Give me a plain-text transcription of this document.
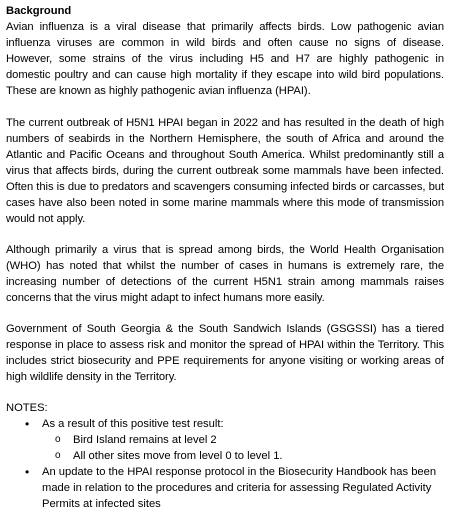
Background

Avian influenza is a viral disease that primarily affects birds. Low pathogenic avian influenza viruses are common in wild birds and often cause no signs of disease. However, some strains of the virus including H5 and H7 are highly pathogenic in domestic poultry and can cause high mortality if they escape into wild bird populations. These are known as highly pathogenic avian influenza (HPAI).

The current outbreak of H5N1 HPAI began in 2022 and has resulted in the death of high numbers of seabirds in the Northern Hemisphere, the south of Africa and around the Atlantic and Pacific Oceans and throughout South America. Whilst predominantly still a virus that affects birds, during the current outbreak some mammals have been infected. Often this is due to predators and scavengers consuming infected birds or carcasses, but cases have also been noted in some marine mammals where this mode of transmission would not apply.

Although primarily a virus that is spread among birds, the World Health Organisation (WHO) has noted that whilst the number of cases in humans is extremely rare, the increasing number of detections of the current H5N1 strain among mammals raises concerns that the virus might adapt to infect humans more easily.

Government of South Georgia & the South Sandwich Islands (GSGSSI) has a tiered response in place to assess risk and monitor the spread of HPAI within the Territory. This includes strict biosecurity and PPE requirements for anyone visiting or working areas of high wildlife density in the Territory.

NOTES:

• As a result of this positive test result:
o Bird Island remains at level 2
o All other sites move from level 0 to level 1.
• An update to the HPAI response protocol in the Biosecurity Handbook has been made in relation to the procedures and criteria for assessing Regulated Activity Permits at infected sites
